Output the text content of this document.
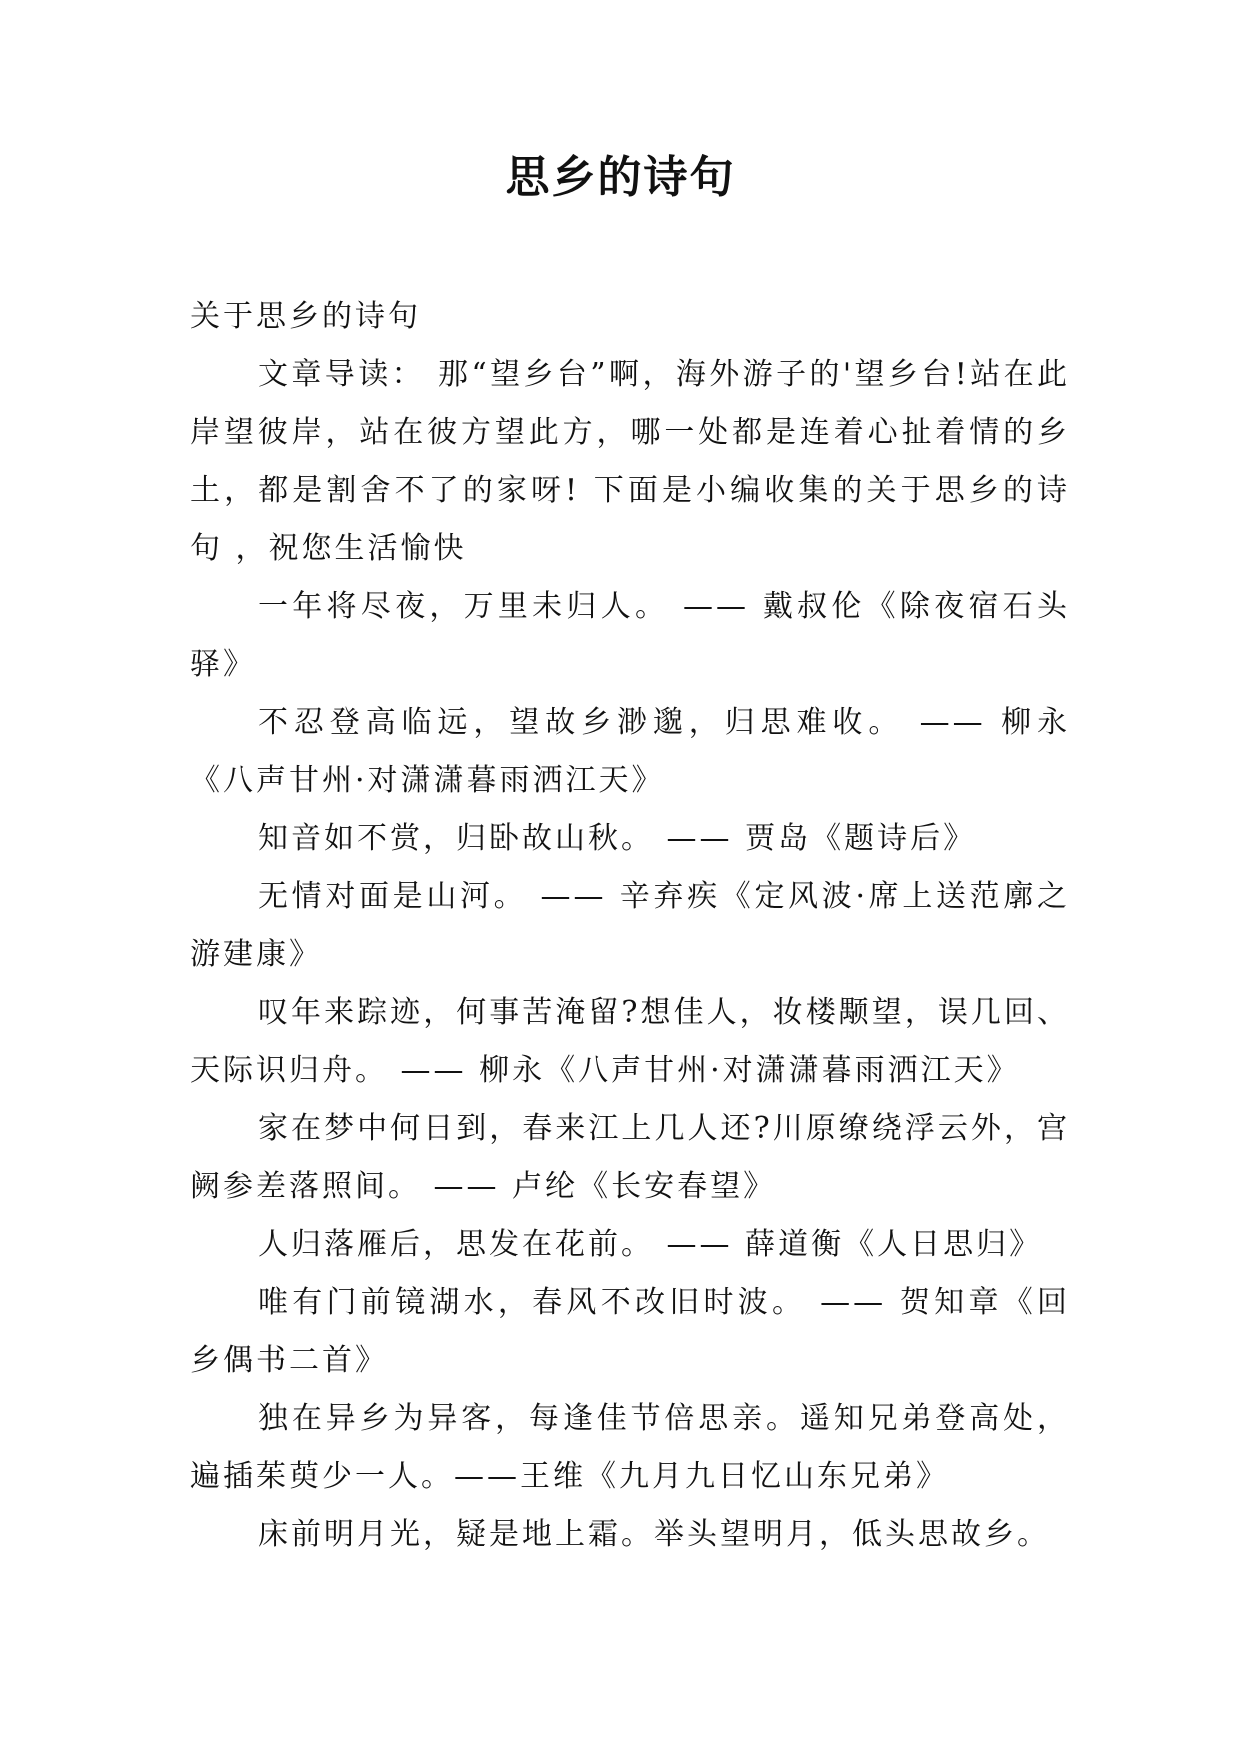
思乡的诗句

关于思乡的诗句

文章导读： 那“望乡台”啊，海外游子的'望乡台!站在此岸望彼岸，站在彼方望此方，哪一处都是连着心扯着情的乡土，都是割舍不了的家呀! 下面是小编收集的关于思乡的诗句 ，祝您生活愉快

一年将尽夜，万里未归人。 —— 戴叔伦《除夜宿石头驿》

不忍登高临远，望故乡渺邈，归思难收。 —— 柳永《八声甘州·对潇潇暮雨洒江天》

知音如不赏，归卧故山秋。 —— 贾岛《题诗后》

无情对面是山河。 —— 辛弃疾《定风波·席上送范廓之游建康》

叹年来踪迹，何事苦淹留?想佳人，妆楼颙望，误几回、天际识归舟。 —— 柳永《八声甘州·对潇潇暮雨洒江天》

家在梦中何日到，春来江上几人还?川原缭绕浮云外，宫阙参差落照间。 —— 卢纶《长安春望》

人归落雁后，思发在花前。 —— 薛道衡《人日思归》

唯有门前镜湖水，春风不改旧时波。 —— 贺知章《回乡偶书二首》

独在异乡为异客，每逢佳节倍思亲。遥知兄弟登高处，遍插茱萸少一人。——王维《九月九日忆山东兄弟》

床前明月光，疑是地上霜。举头望明月，低头思故乡。
